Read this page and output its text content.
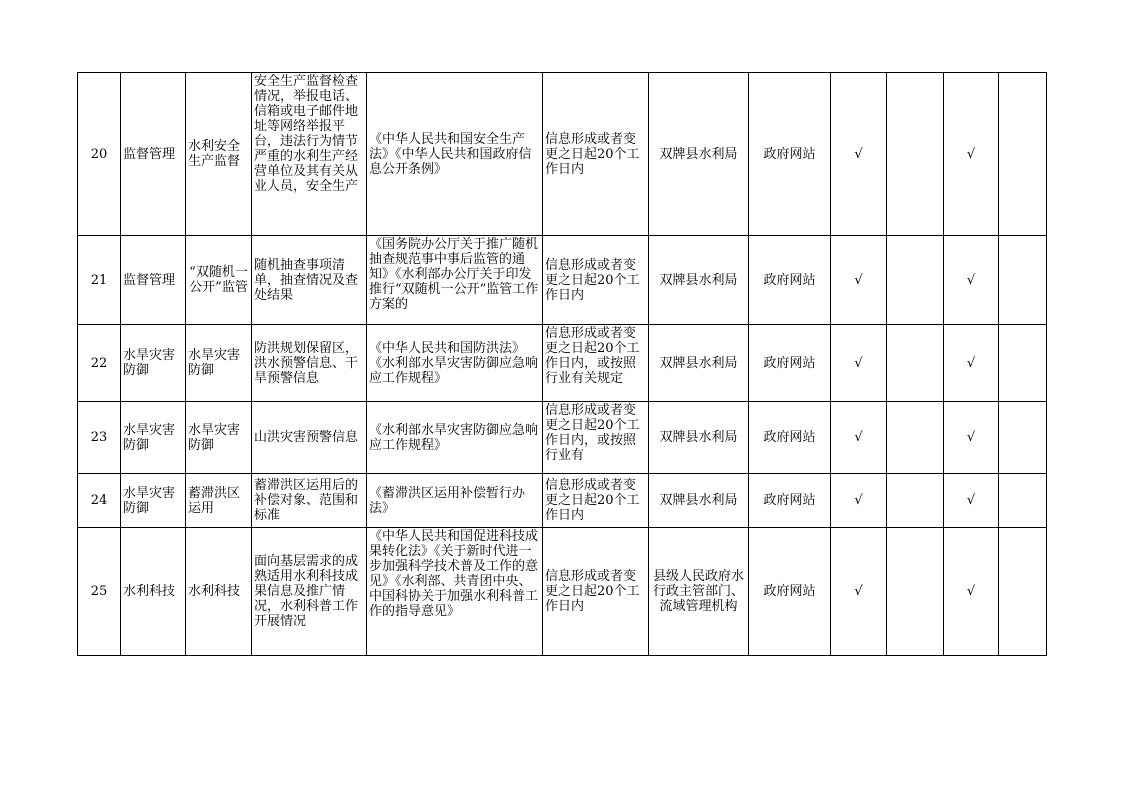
20	监督管理	水利安全生产监督	安全生产监督检查情况，举报电话、信箱或电子邮件地址等网络举报平台，违法行为情节严重的水利生产经营单位及其有关从业人员，安全生产	《中华人民共和国安全生产法》《中华人民共和国政府信息公开条例》	信息形成或者变更之日起20个工作日内	双牌县水利局	政府网站	√		√	
21	监督管理	“双随机一公开”监管	随机抽查事项清单，抽查情况及查处结果	《国务院办公厅关于推广随机抽查规范事中事后监管的通知》《水利部办公厅关于印发推行“双随机一公开”监管工作方案的	信息形成或者变更之日起20个工作日内	双牌县水利局	政府网站	√		√	
22	水旱灾害防御	水旱灾害防御	防洪规划保留区，洪水预警信息、干旱预警信息	《中华人民共和国防洪法》《水利部水旱灾害防御应急响应工作规程》	信息形成或者变更之日起20个工作日内，或按照行业有关规定	双牌县水利局	政府网站	√		√	
23	水旱灾害防御	水旱灾害防御	山洪灾害预警信息	《水利部水旱灾害防御应急响应工作规程》	信息形成或者变更之日起20个工作日内，或按照行业有	双牌县水利局	政府网站	√		√	
24	水旱灾害防御	蓄滞洪区运用	蓄滞洪区运用后的补偿对象、范围和标准	《蓄滞洪区运用补偿暂行办法》	信息形成或者变更之日起20个工作日内	双牌县水利局	政府网站	√		√	
25	水利科技	水利科技	面向基层需求的成熟适用水利科技成果信息及推广情况，水利科普工作开展情况	《中华人民共和国促进科技成果转化法》《关于新时代进一步加强科学技术普及工作的意见》《水利部、共青团中央、 中国科协关于加强水利科普工作的指导意见》	信息形成或者变更之日起20个工作日内	县级人民政府水行政主管部门、流域管理机构	政府网站	√		√	
